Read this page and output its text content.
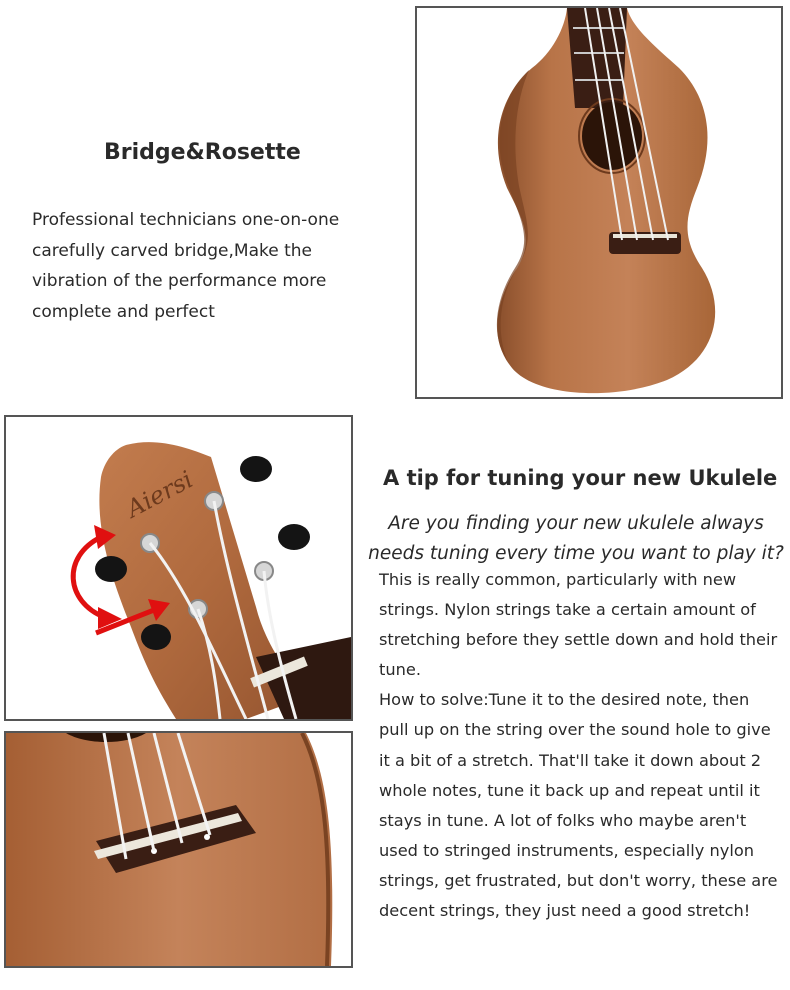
Bridge&Rosette

Professional technicians one-on-one carefully carved bridge,Make the vibration of the performance more complete and perfect

Aiersi	A tip for tuning your new Ukulele

Are you finding your new ukulele always needs tuning every time you want to play it?

This is really common, particularly with new strings. Nylon strings take a certain amount of stretching before they settle down and hold their tune.

How to solve:Tune it to the desired note, then pull up on the string over the sound hole to give it a bit of a stretch. That'll take it down about 2 whole notes, tune it back up and repeat until it stays in tune. A lot of folks who maybe aren't used to stringed instruments, especially nylon strings, get frustrated, but don't worry, these are decent strings, they just need a good stretch!
